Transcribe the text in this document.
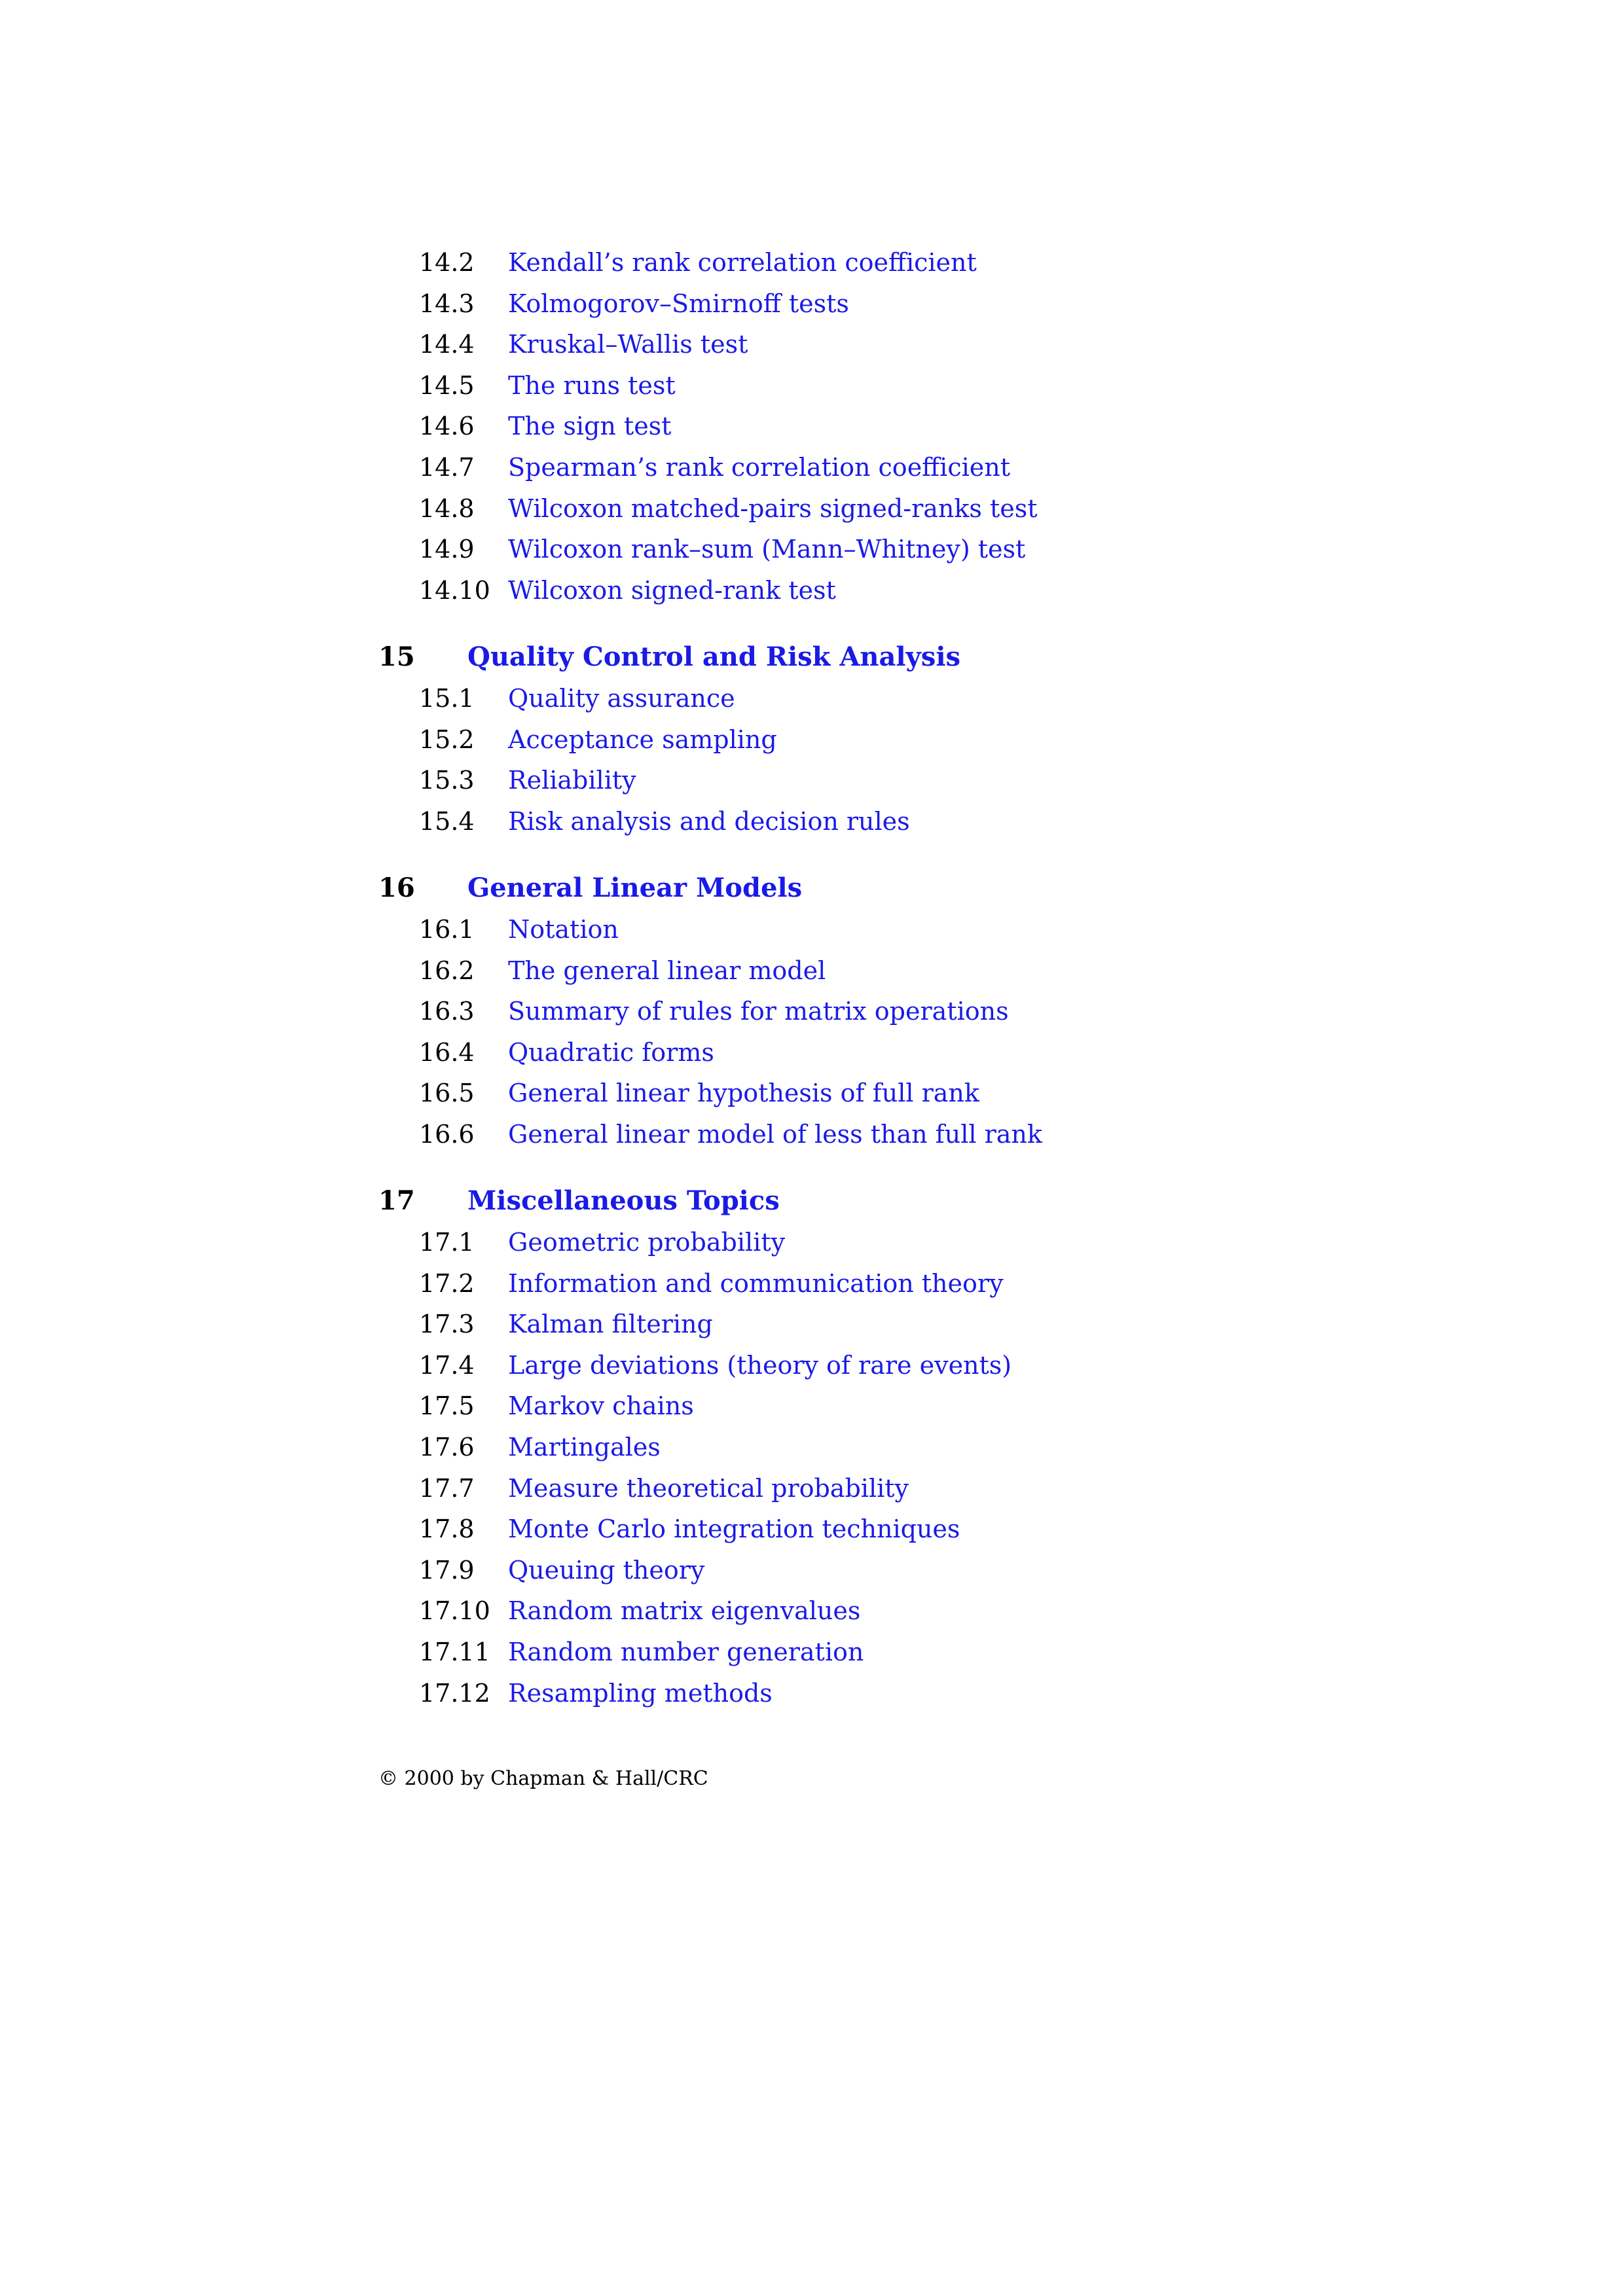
14.2 Kendall’s rank correlation coefficient
14.3 Kolmogorov–Smirnoff tests
14.4 Kruskal–Wallis test
14.5 The runs test
14.6 The sign test
14.7 Spearman’s rank correlation coefficient
14.8 Wilcoxon matched-pairs signed-ranks test
14.9 Wilcoxon rank–sum (Mann–Whitney) test
14.10 Wilcoxon signed-rank test
15 Quality Control and Risk Analysis
15.1 Quality assurance
15.2 Acceptance sampling
15.3 Reliability
15.4 Risk analysis and decision rules
16 General Linear Models
16.1 Notation
16.2 The general linear model
16.3 Summary of rules for matrix operations
16.4 Quadratic forms
16.5 General linear hypothesis of full rank
16.6 General linear model of less than full rank
17 Miscellaneous Topics
17.1 Geometric probability
17.2 Information and communication theory
17.3 Kalman filtering
17.4 Large deviations (theory of rare events)
17.5 Markov chains
17.6 Martingales
17.7 Measure theoretical probability
17.8 Monte Carlo integration techniques
17.9 Queuing theory
17.10 Random matrix eigenvalues
17.11 Random number generation
17.12 Resampling methods
© 2000 by Chapman & Hall/CRC
